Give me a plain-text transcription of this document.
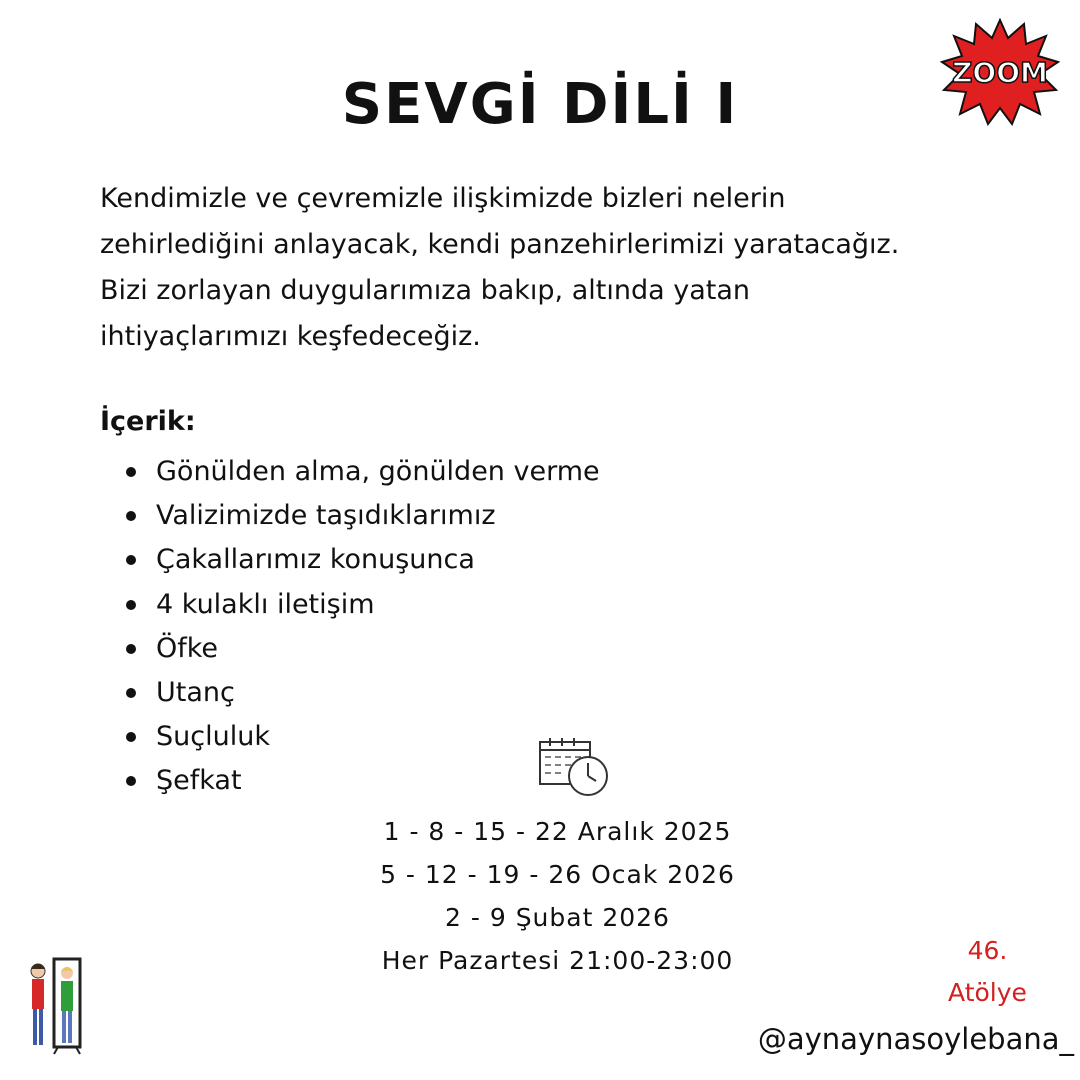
ZOOM
SEVGİ DİLİ I
Kendimizle ve çevremizle ilişkimizde bizleri nelerin
zehirlediğini anlayacak, kendi panzehirlerimizi yaratacağız.
Bizi zorlayan duygularımıza bakıp, altında yatan
ihtiyaçlarımızı keşfedeceğiz.
İçerik:
Gönülden alma, gönülden verme
Valizimizde taşıdıklarımız
Çakallarımız konuşunca
4 kulaklı iletişim
Öfke
Utanç
Suçluluk
Şefkat
1 - 8 - 15 - 22 Aralık 2025
5 - 12 - 19 - 26 Ocak 2026
2 - 9 Şubat 2026
Her Pazartesi 21:00-23:00	46.
Atölye
@aynaynasoylebana_
